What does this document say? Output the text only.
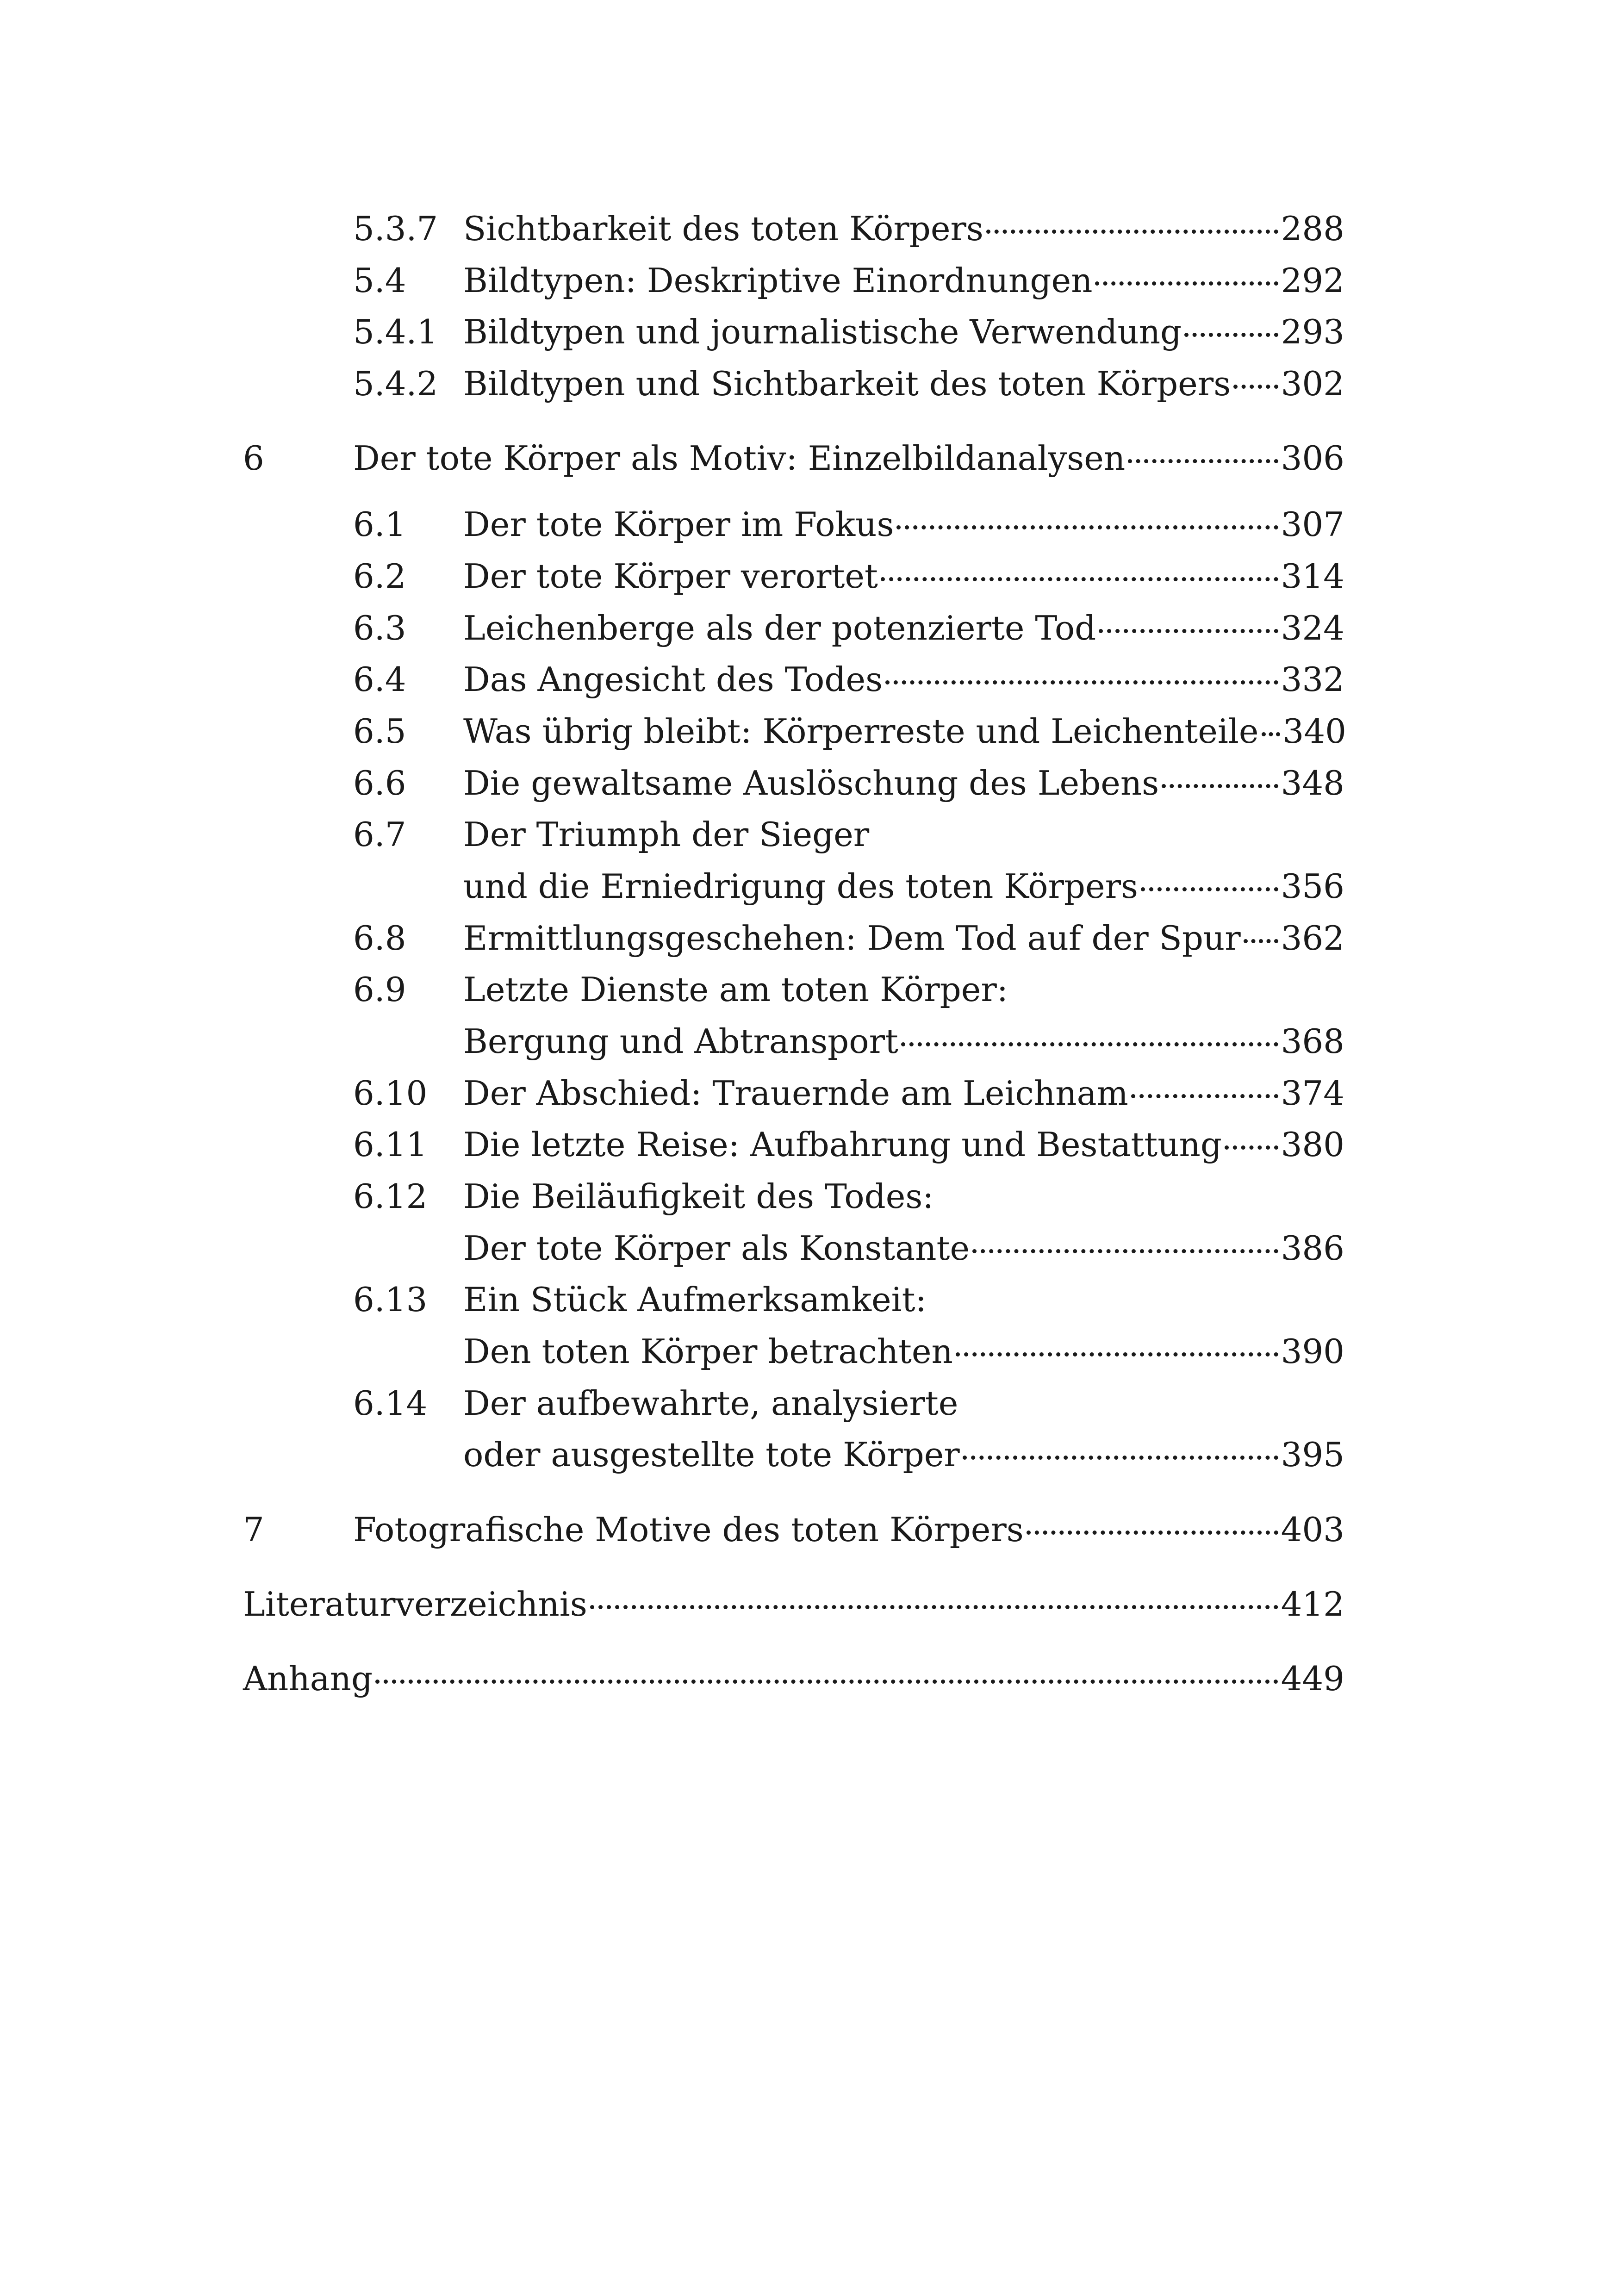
5.3.7 Sichtbarkeit des toten Körpers	288
5.4 Bildtypen: Deskriptive Einordnungen	292
5.4.1 Bildtypen und journalistische Verwendung	293
5.4.2 Bildtypen und Sichtbarkeit des toten Körpers 302
6	Der tote Körper als Motiv: Einzelbildanalysen	306
6.1 Der tote Körper im Fokus	307
6.2 Der tote Körper verortet	314
6.3 Leichenberge als der potenzierte Tod	324
6.4 Das Angesicht des Todes	332
6.5 Was übrig bleibt: Körperreste und Leichenteile 340
6.6 Die gewaltsame Auslöschung des Lebens	348
6.7 Der Triumph der Sieger
und die Erniedrigung des toten Körpers	356
6.8 Ermittlungsgeschehen: Dem Tod auf der Spur 362
6.9 Letzte Dienste am toten Körper:
Bergung und Abtransport	368
6.10 Der Abschied: Trauernde am Leichnam	374
6.11 Die letzte Reise: Aufbahrung und Bestattung 380
6.12 Die Beiläufigkeit des Todes:
Der tote Körper als Konstante	386
6.13 Ein Stück Aufmerksamkeit:
Den toten Körper betrachten	390
6.14 Der aufbewahrte, analysierte
oder ausgestellte tote Körper	395
7	Fotografische Motive des toten Körpers	403
Literaturverzeichnis	412
Anhang	449
